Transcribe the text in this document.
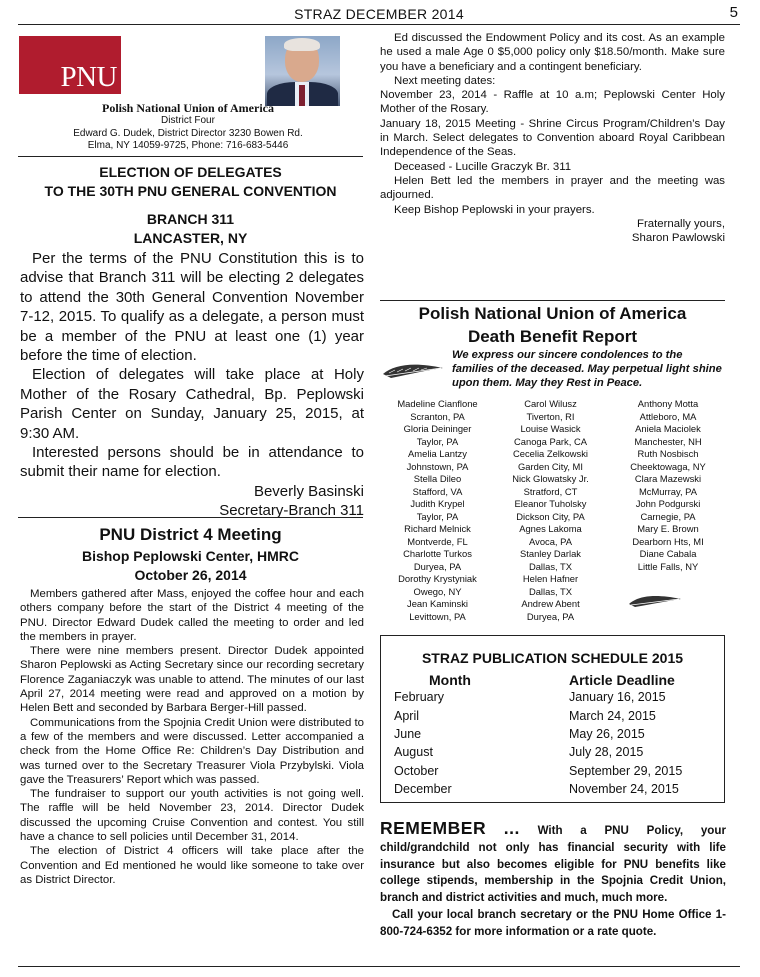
STRAZ DECEMBER 2014	5
PNU
Polish National Union of America
District Four
Edward G. Dudek, District Director 3230 Bowen Rd.
Elma, NY 14059-9725, Phone: 716-683-5446
ELECTION OF DELEGATES
TO THE 30TH PNU GENERAL CONVENTION
BRANCH 311
LANCASTER, NY

Per the terms of the PNU Constitution this is to advise that Branch 311 will be electing 2 delegates to attend the 30th General Convention November 7-12, 2015. To qualify as a delegate, a person must be a member of the PNU at least one (1) year before the time of election.

Election of delegates will take place at Holy Mother of the Rosary Cathedral, Bp. Peplowski Parish Center on Sunday, January 25, 2015, at 9:30 AM.

Interested persons should be in attendance to submit their name for election.

Beverly Basinski
Secretary-Branch 311
PNU District 4 Meeting
Bishop Peplowski Center, HMRC
October 26, 2014

Members gathered after Mass, enjoyed the coffee hour and each others company before the start of the District 4 meeting of the PNU. Director Edward Dudek called the meeting to order and led the members in prayer.

There were nine members present. Director Dudek appointed Sharon Peplowski as Acting Secretary since our recording secretary Florence Zaganiaczyk was unable to attend. The minutes of our last April 27, 2014 meeting were read and approved on a motion by Helen Bett and seconded by Barbara Berger-Hill passed.

Communications from the Spojnia Credit Union were distributed to a few of the members and were discussed. Letter accompanied a check from the Home Office Re: Children’s Day Distribution and was turned over to the Secretary Treasurer Viola Przybylski. Viola gave the Treasurers’ Report which was passed.

The fundraiser to support our youth activities is not going well. The raffle will be held November 23, 2014. Director Dudek discussed the upcoming Cruise Convention and contest. You still have a chance to sell policies until December 31, 2014.

The election of District 4 officers will take place after the Convention and Ed mentioned he would like someone to take over as District Director.

Ed discussed the Endowment Policy and its cost. As an example he used a male Age 0 $5,000 policy only $18.50/month. Make sure you have a beneficiary and a contingent beneficiary.

Next meeting dates:

November 23, 2014 - Raffle at 10 a.m; Peplowski Center Holy Mother of the Rosary.

January 18, 2015 Meeting - Shrine Circus Program/Children’s Day in March. Select delegates to Convention aboard Royal Caribbean Independence of the Seas.

Deceased - Lucille Graczyk Br. 311

Helen Bett led the members in prayer and the meeting was adjourned.

Keep Bishop Peplowski in your prayers.

Fraternally yours,
Sharon Pawlowski
Polish National Union of America
Death Benefit Report
We express our sincere condolences to the families of the deceased. May perpetual light shine upon them. May they Rest in Peace.
Madeline Cianflone
Scranton, PA
Gloria Deininger
Taylor, PA
Amelia Lantzy
Johnstown, PA
Stella Dileo
Stafford, VA
Judith Krypel
Taylor, PA
Richard Melnick
Montverde, FL
Charlotte Turkos
Duryea, PA
Dorothy Krystyniak
Owego, NY
Jean Kaminski
Levittown, PA
Carol Wilusz
Tiverton, RI
Louise Wasick
Canoga Park, CA
Cecelia Zelkowski
Garden City, MI
Nick Glowatsky Jr.
Stratford, CT
Eleanor Tuholsky
Dickson City, PA
Agnes Lakoma
Avoca, PA
Stanley Darlak
Dallas, TX
Helen Hafner
Dallas, TX
Andrew Abent
Duryea, PA
Anthony Motta
Attleboro, MA
Aniela Maciolek
Manchester, NH
Ruth Nosbisch
Cheektowaga, NY
Clara Mazewski
McMurray, PA
John Podgurski
Carnegie, PA
Mary E. Brown
Dearborn Hts, MI
Diane Cabala
Little Falls, NY
STRAZ PUBLICATION SCHEDULE 2015
Month	Article Deadline
February	January 16, 2015
April	March 24, 2015
June	May 26, 2015
August	July 28, 2015
October	September 29, 2015
December	November 24, 2015
REMEMBER ... With a PNU Policy, your child/grandchild not only has financial security with life insurance but also becomes eligible for PNU benefits like college stipends, membership in the Spojnia Credit Union, branch and district activities and much, much more.
Call your local branch secretary or the PNU Home Office 1-800-724-6352 for more information or a rate quote.
